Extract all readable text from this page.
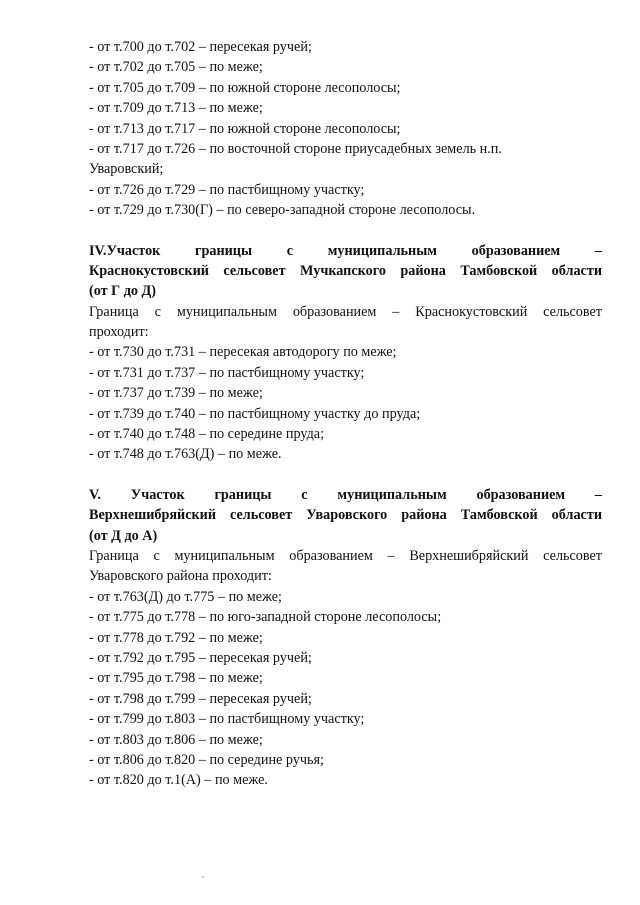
- от т.700 до т.702 – пересекая ручей;
- от т.702 до т.705 – по меже;
- от т.705 до т.709 – по южной стороне лесополосы;
- от т.709 до т.713 – по меже;
- от т.713 до т.717 – по южной стороне лесополосы;
- от т.717 до т.726 – по восточной стороне приусадебных земель н.п.
Уваровский;
- от т.726 до т.729 – по пастбищному участку;
- от т.729 до т.730(Г) – по северо-западной стороне лесополосы.
IV.Участок границы с муниципальным образованием –
Краснокустовский сельсовет Мучкапского района Тамбовской области
(от Г до Д)
Граница с муниципальным образованием – Краснокустовский сельсовет
проходит:
- от т.730 до т.731 – пересекая автодорогу по меже;
- от т.731 до т.737 – по пастбищному участку;
- от т.737 до т.739 – по меже;
- от т.739 до т.740 – по пастбищному участку до пруда;
- от т.740 до т.748 – по середине пруда;
- от т.748 до т.763(Д) – по меже.
V. Участок границы с муниципальным образованием –
Верхнешибряйский сельсовет Уваровского района Тамбовской области
(от Д до А)
Граница с муниципальным образованием – Верхнешибряйский сельсовет
Уваровского района проходит:
- от т.763(Д) до т.775 – по меже;
- от т.775 до т.778 – по юго-западной стороне лесополосы;
- от т.778 до т.792 – по меже;
- от т.792 до т.795 – пересекая ручей;
- от т.795 до т.798 – по меже;
- от т.798 до т.799 – пересекая ручей;
- от т.799 до т.803 – по пастбищному участку;
- от т.803 до т.806 – по меже;
- от т.806 до т.820 – по середине ручья;
- от т.820 до т.1(А) – по меже.
